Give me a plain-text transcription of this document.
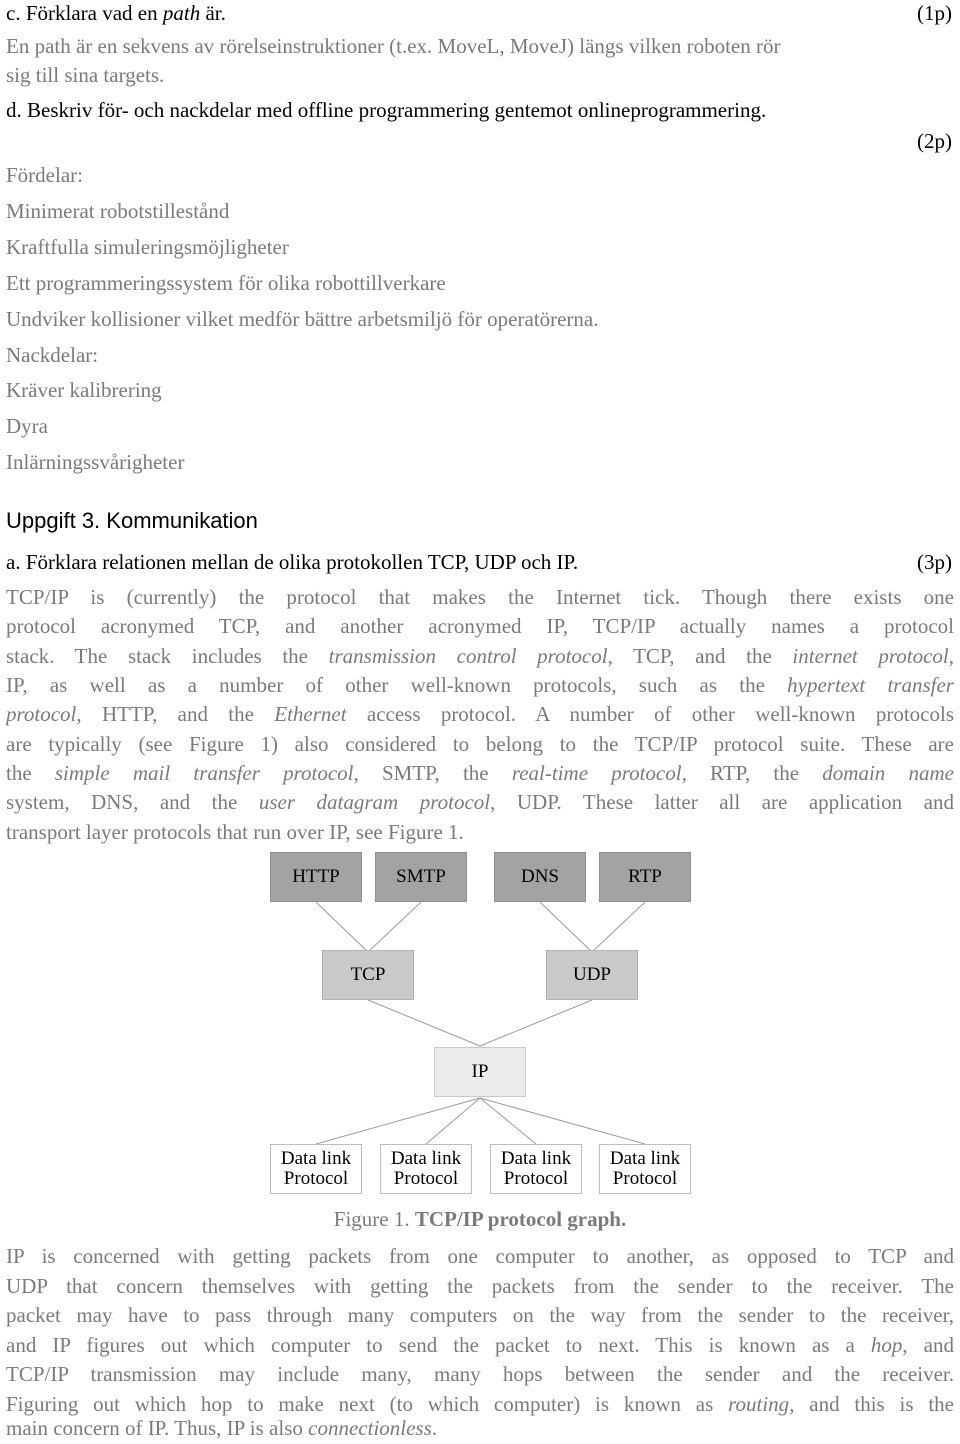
c. Förklara vad en path är.	(1p)
En path är en sekvens av rörelseinstruktioner (t.ex. MoveL, MoveJ) längs vilken roboten rör
sig till sina targets.
d. Beskriv för- och nackdelar med offline programmering gentemot onlineprogrammering.
(2p)
Fördelar:
Minimerat robotstillestånd
Kraftfulla simuleringsmöjligheter
Ett programmeringssystem för olika robottillverkare
Undviker kollisioner vilket medför bättre arbetsmiljö för operatörerna.
Nackdelar:
Kräver kalibrering
Dyra
Inlärningssvårigheter
Uppgift 3. Kommunikation
a. Förklara relationen mellan de olika protokollen TCP, UDP och IP.	(3p)
TCP/IP is (currently) the protocol that makes the Internet tick. Though there exists one
protocol acronymed TCP, and another acronymed IP, TCP/IP actually names a protocol
stack. The stack includes the transmission control protocol, TCP, and the internet protocol,
IP, as well as a number of other well-known protocols, such as the hypertext transfer
protocol, HTTP, and the Ethernet access protocol. A number of other well-known protocols
are typically (see Figure 1) also considered to belong to the TCP/IP protocol suite. These are
the simple mail transfer protocol, SMTP, the real-time protocol, RTP, the domain name
system, DNS, and the user datagram protocol, UDP. These latter all are application and
transport layer protocols that run over IP, see Figure 1.
HTTP	SMTP	DNS	RTP
TCP	UDP
IP
Data link
Protocol
Data link
Protocol
Data link
Protocol
Data link
Protocol
Figure 1. TCP/IP protocol graph.
IP is concerned with getting packets from one computer to another, as opposed to TCP and
UDP that concern themselves with getting the packets from the sender to the receiver. The
packet may have to pass through many computers on the way from the sender to the receiver,
and IP figures out which computer to send the packet to next. This is known as a hop, and
TCP/IP transmission may include many, many hops between the sender and the receiver.
Figuring out which hop to make next (to which computer) is known as routing, and this is the
main concern of IP. Thus, IP is also connectionless.
